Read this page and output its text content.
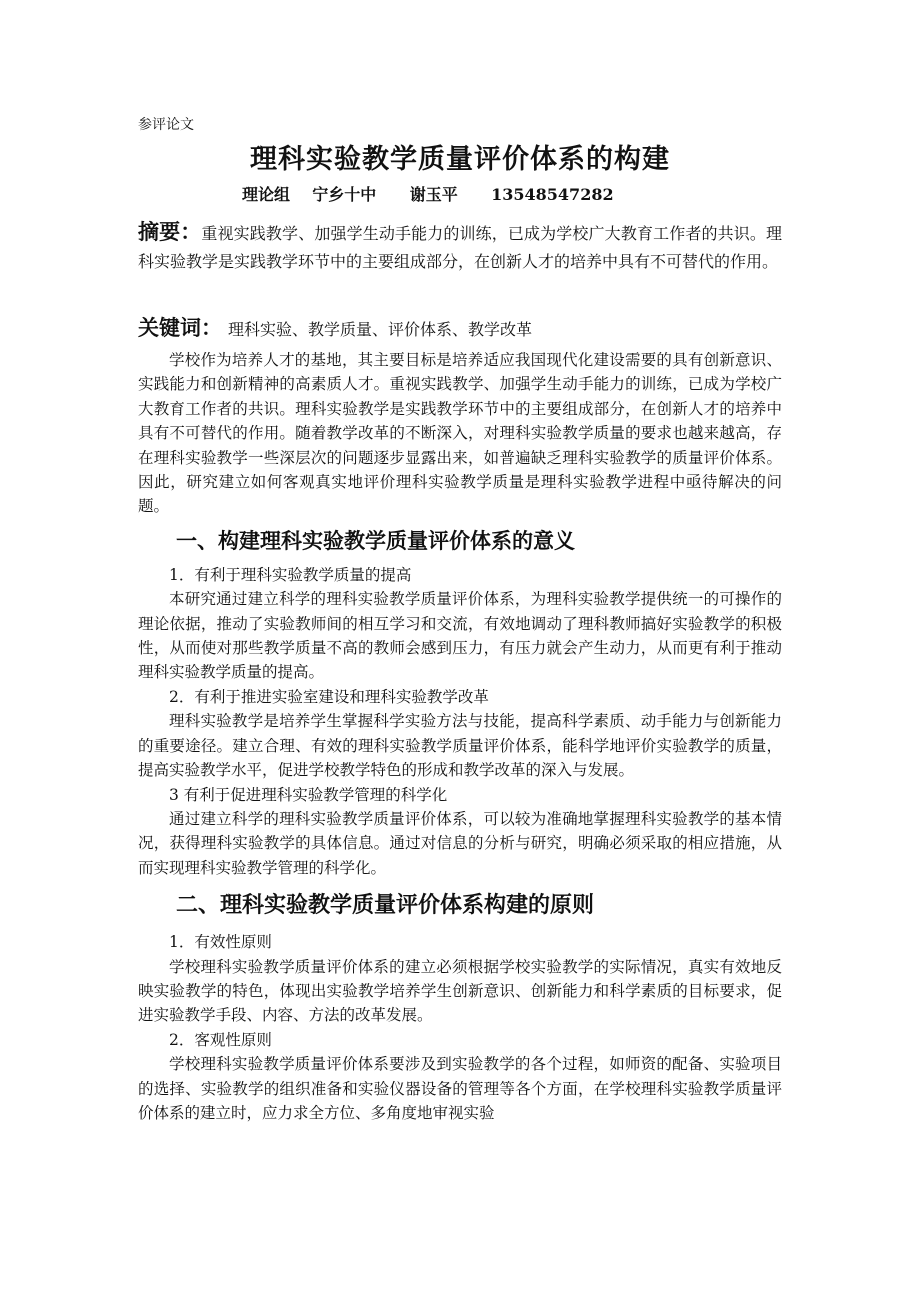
参评论文
理科实验教学质量评价体系的构建
理论组    宁乡十中      谢玉平      13548547282
摘要：重视实践教学、加强学生动手能力的训练，已成为学校广大教育工作者的共识。理科实验教学是实践教学环节中的主要组成部分，在创新人才的培养中具有不可替代的作用。
关键词： 理科实验、教学质量、评价体系、教学改革

学校作为培养人才的基地，其主要目标是培养适应我国现代化建设需要的具有创新意识、实践能力和创新精神的高素质人才。重视实践教学、加强学生动手能力的训练，已成为学校广大教育工作者的共识。理科实验教学是实践教学环节中的主要组成部分，在创新人才的培养中具有不可替代的作用。随着教学改革的不断深入，对理科实验教学质量的要求也越来越高，存在理科实验教学一些深层次的问题逐步显露出来，如普遍缺乏理科实验教学的质量评价体系。因此，研究建立如何客观真实地评价理科实验教学质量是理科实验教学进程中亟待解决的问题。

一、构建理科实验教学质量评价体系的意义

1．有利于理科实验教学质量的提高

本研究通过建立科学的理科实验教学质量评价体系，为理科实验教学提供统一的可操作的理论依据，推动了实验教师间的相互学习和交流，有效地调动了理科教师搞好实验教学的积极性，从而使对那些教学质量不高的教师会感到压力，有压力就会产生动力，从而更有利于推动理科实验教学质量的提高。

2．有利于推进实验室建设和理科实验教学改革

理科实验教学是培养学生掌握科学实验方法与技能，提高科学素质、动手能力与创新能力的重要途径。建立合理、有效的理科实验教学质量评价体系，能科学地评价实验教学的质量，提高实验教学水平，促进学校教学特色的形成和教学改革的深入与发展。

3 有利于促进理科实验教学管理的科学化

通过建立科学的理科实验教学质量评价体系，可以较为准确地掌握理科实验教学的基本情况，获得理科实验教学的具体信息。通过对信息的分析与研究，明确必须采取的相应措施，从而实现理科实验教学管理的科学化。

二、理科实验教学质量评价体系构建的原则

1．有效性原则

学校理科实验教学质量评价体系的建立必须根据学校实验教学的实际情况，真实有效地反映实验教学的特色，体现出实验教学培养学生创新意识、创新能力和科学素质的目标要求，促进实验教学手段、内容、方法的改革发展。

2．客观性原则

学校理科实验教学质量评价体系要涉及到实验教学的各个过程，如师资的配备、实验项目的选择、实验教学的组织准备和实验仪器设备的管理等各个方面，在学校理科实验教学质量评价体系的建立时，应力求全方位、多角度地审视实验
